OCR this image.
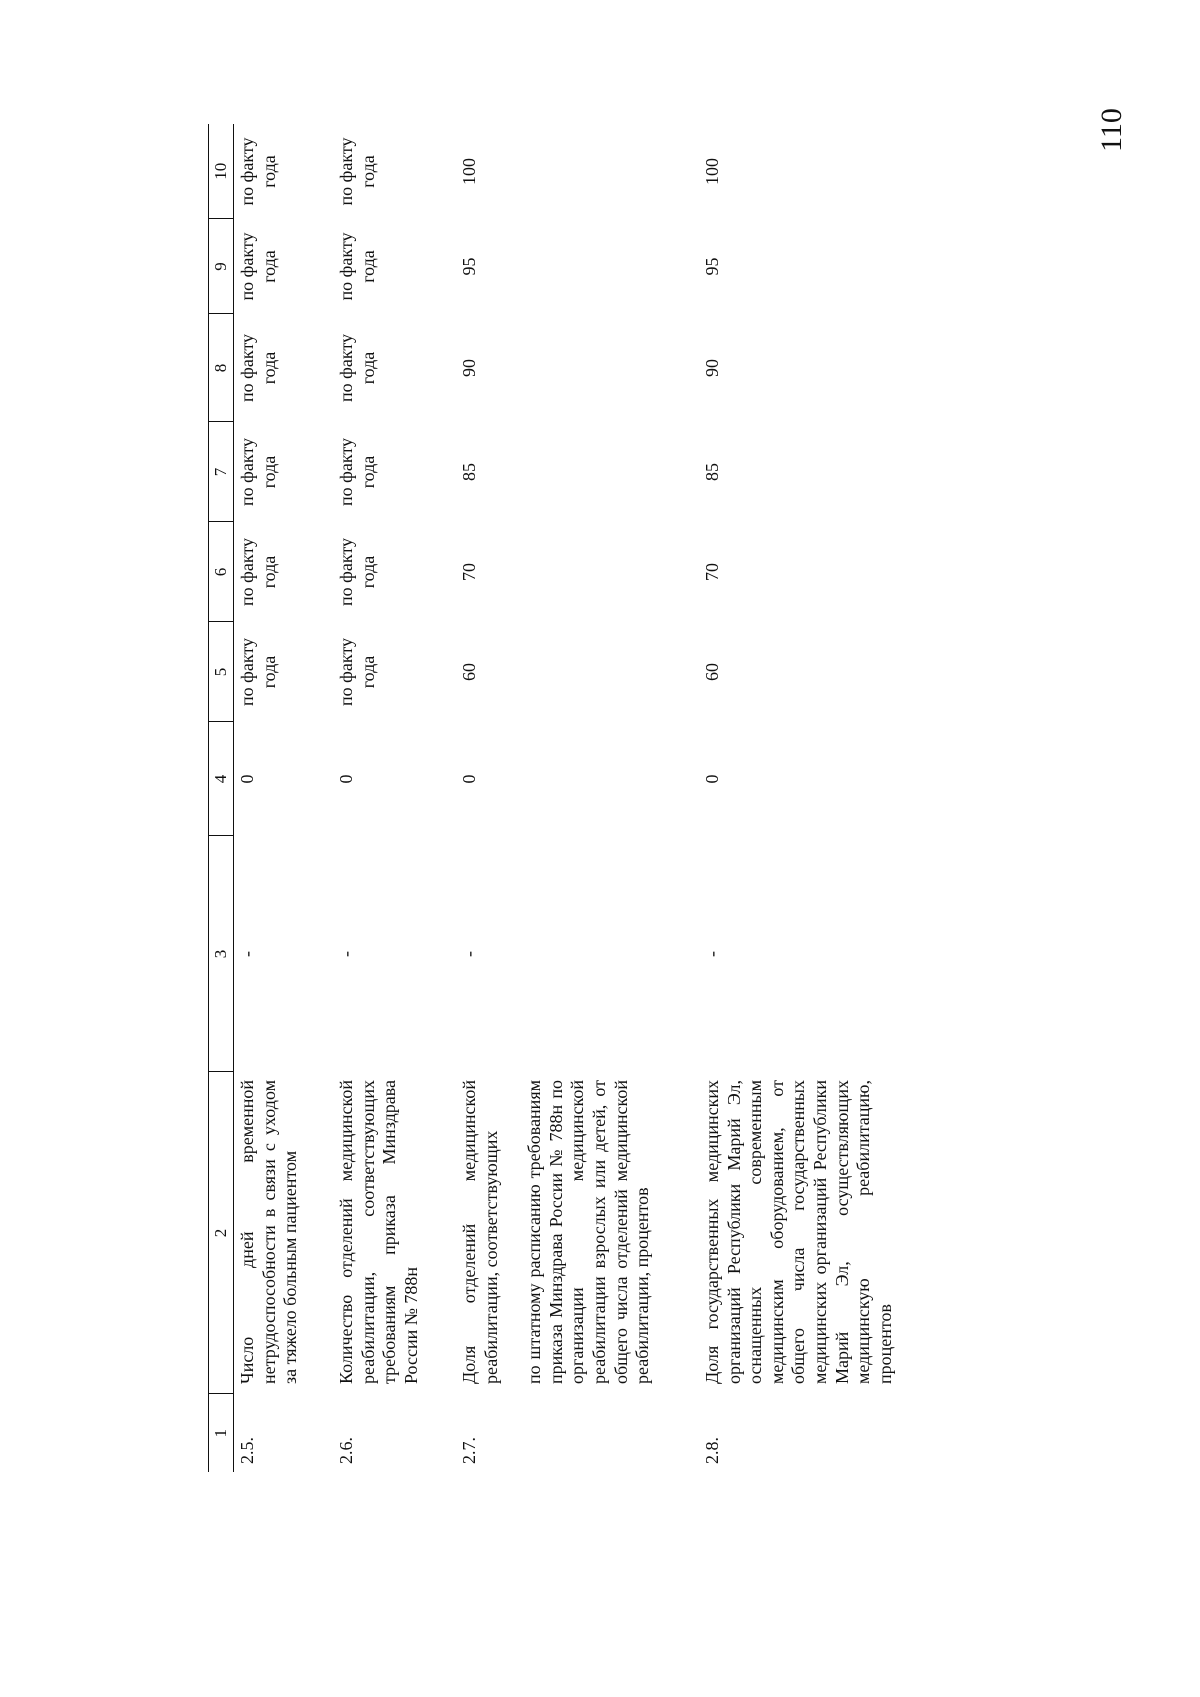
110
1	2	3	4	5	6	7	8	9	10
2.5.	Число дней временной нетрудоспособности в связи с уходом за тяжело больным пациентом	-	0	по факту года	по факту года	по факту года	по факту года	по факту года	по факту года
2.6.	Количество отделений медицинской реабилитации, соответствующих требованиям приказа Минздрава России № 788н	-	0	по факту года	по факту года	по факту года	по факту года	по факту года	по факту года
2.7.	Доля отделений медицинской реабилитации, соответствующих по штатному расписанию требованиям приказа Минздрава России № 788н по организации медицинской реабилитации взрослых или детей, от общего числа отделений медицинской реабилитации, процентов	-	0	60	70	85	90	95	100
2.8.	Доля государственных медицинских организаций Республики Марий Эл, оснащенных современным медицинским оборудованием, от общего числа государственных медицинских организаций Республики Марий Эл, осуществляющих медицинскую реабилитацию, процентов	-	0	60	70	85	90	95	100
